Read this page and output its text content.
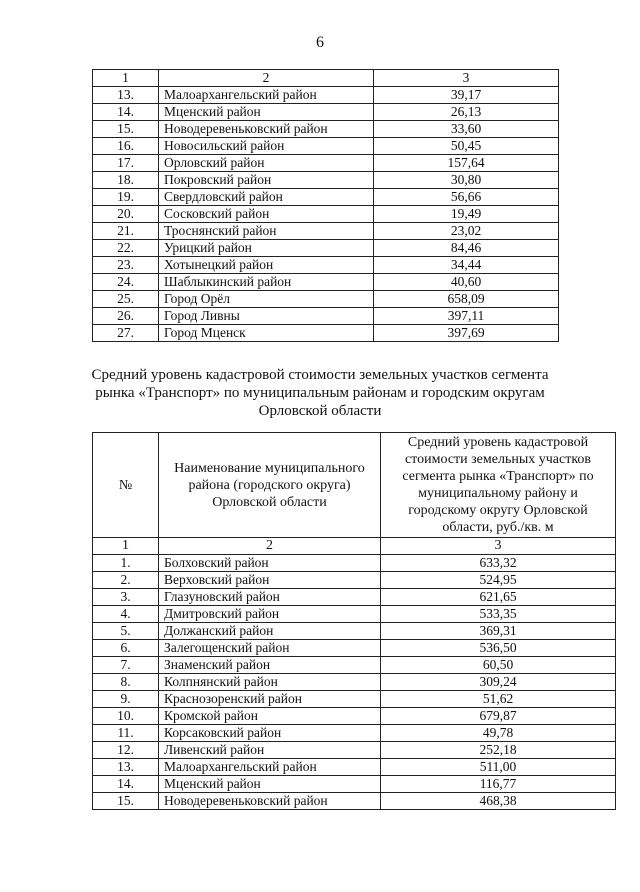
6
1	2	3
13.	Малоархангельский район	39,17
14.	Мценский район	26,13
15.	Новодеревеньковский район	33,60
16.	Новосильский район	50,45
17.	Орловский район	157,64
18.	Покровский район	30,80
19.	Свердловский район	56,66
20.	Сосковский район	19,49
21.	Троснянский район	23,02
22.	Урицкий район	84,46
23.	Хотынецкий район	34,44
24.	Шаблыкинский район	40,60
25.	Город Орёл	658,09
26.	Город Ливны	397,11
27.	Город Мценск	397,69
Средний уровень кадастровой стоимости земельных участков сегмента рынка «Транспорт» по муниципальным районам и городским округам Орловской области
№	Наименование муниципального района (городского округа) Орловской области	Средний уровень кадастровой стоимости земельных участков сегмента рынка «Транспорт» по муниципальному району и городскому округу Орловской области, руб./кв. м
1	2	3
1.	Болховский район	633,32
2.	Верховский район	524,95
3.	Глазуновский район	621,65
4.	Дмитровский район	533,35
5.	Должанский район	369,31
6.	Залегощенский район	536,50
7.	Знаменский район	60,50
8.	Колпнянский район	309,24
9.	Краснозоренский район	51,62
10.	Кромской район	679,87
11.	Корсаковский район	49,78
12.	Ливенский район	252,18
13.	Малоархангельский район	511,00
14.	Мценский район	116,77
15.	Новодеревеньковский район	468,38
